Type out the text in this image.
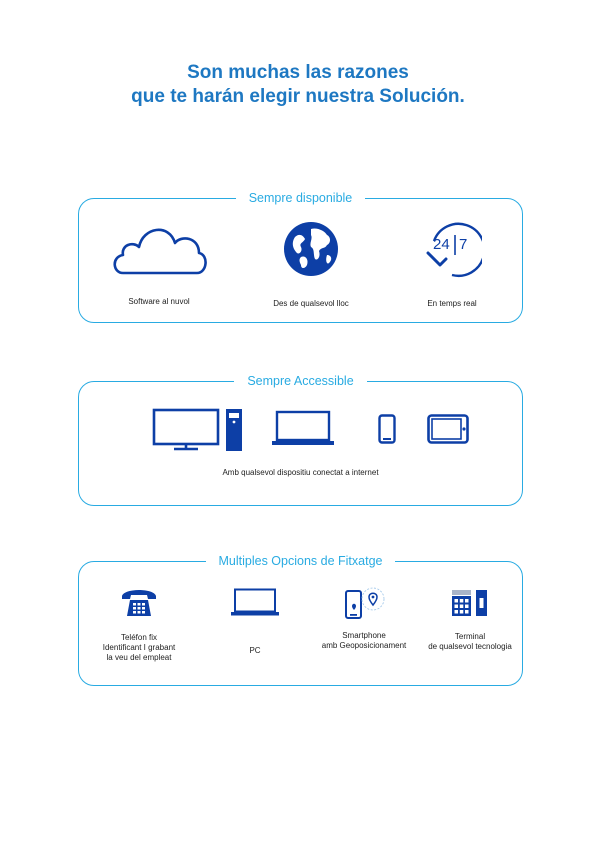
Son muchas las razones
que te harán elegir nuestra Solución.
Sempre disponible
Software al nuvol	Des de qualsevol lloc
24 7
En temps real
Sempre Accessible
Amb qualsevol dispositiu conectat a internet
Multiples Opcions de Fitxatge
Teléfon fix
Identificant I grabant
la veu del empleat
PC
Smartphone
amb Geoposicionament
Terminal
de qualsevol tecnologia
